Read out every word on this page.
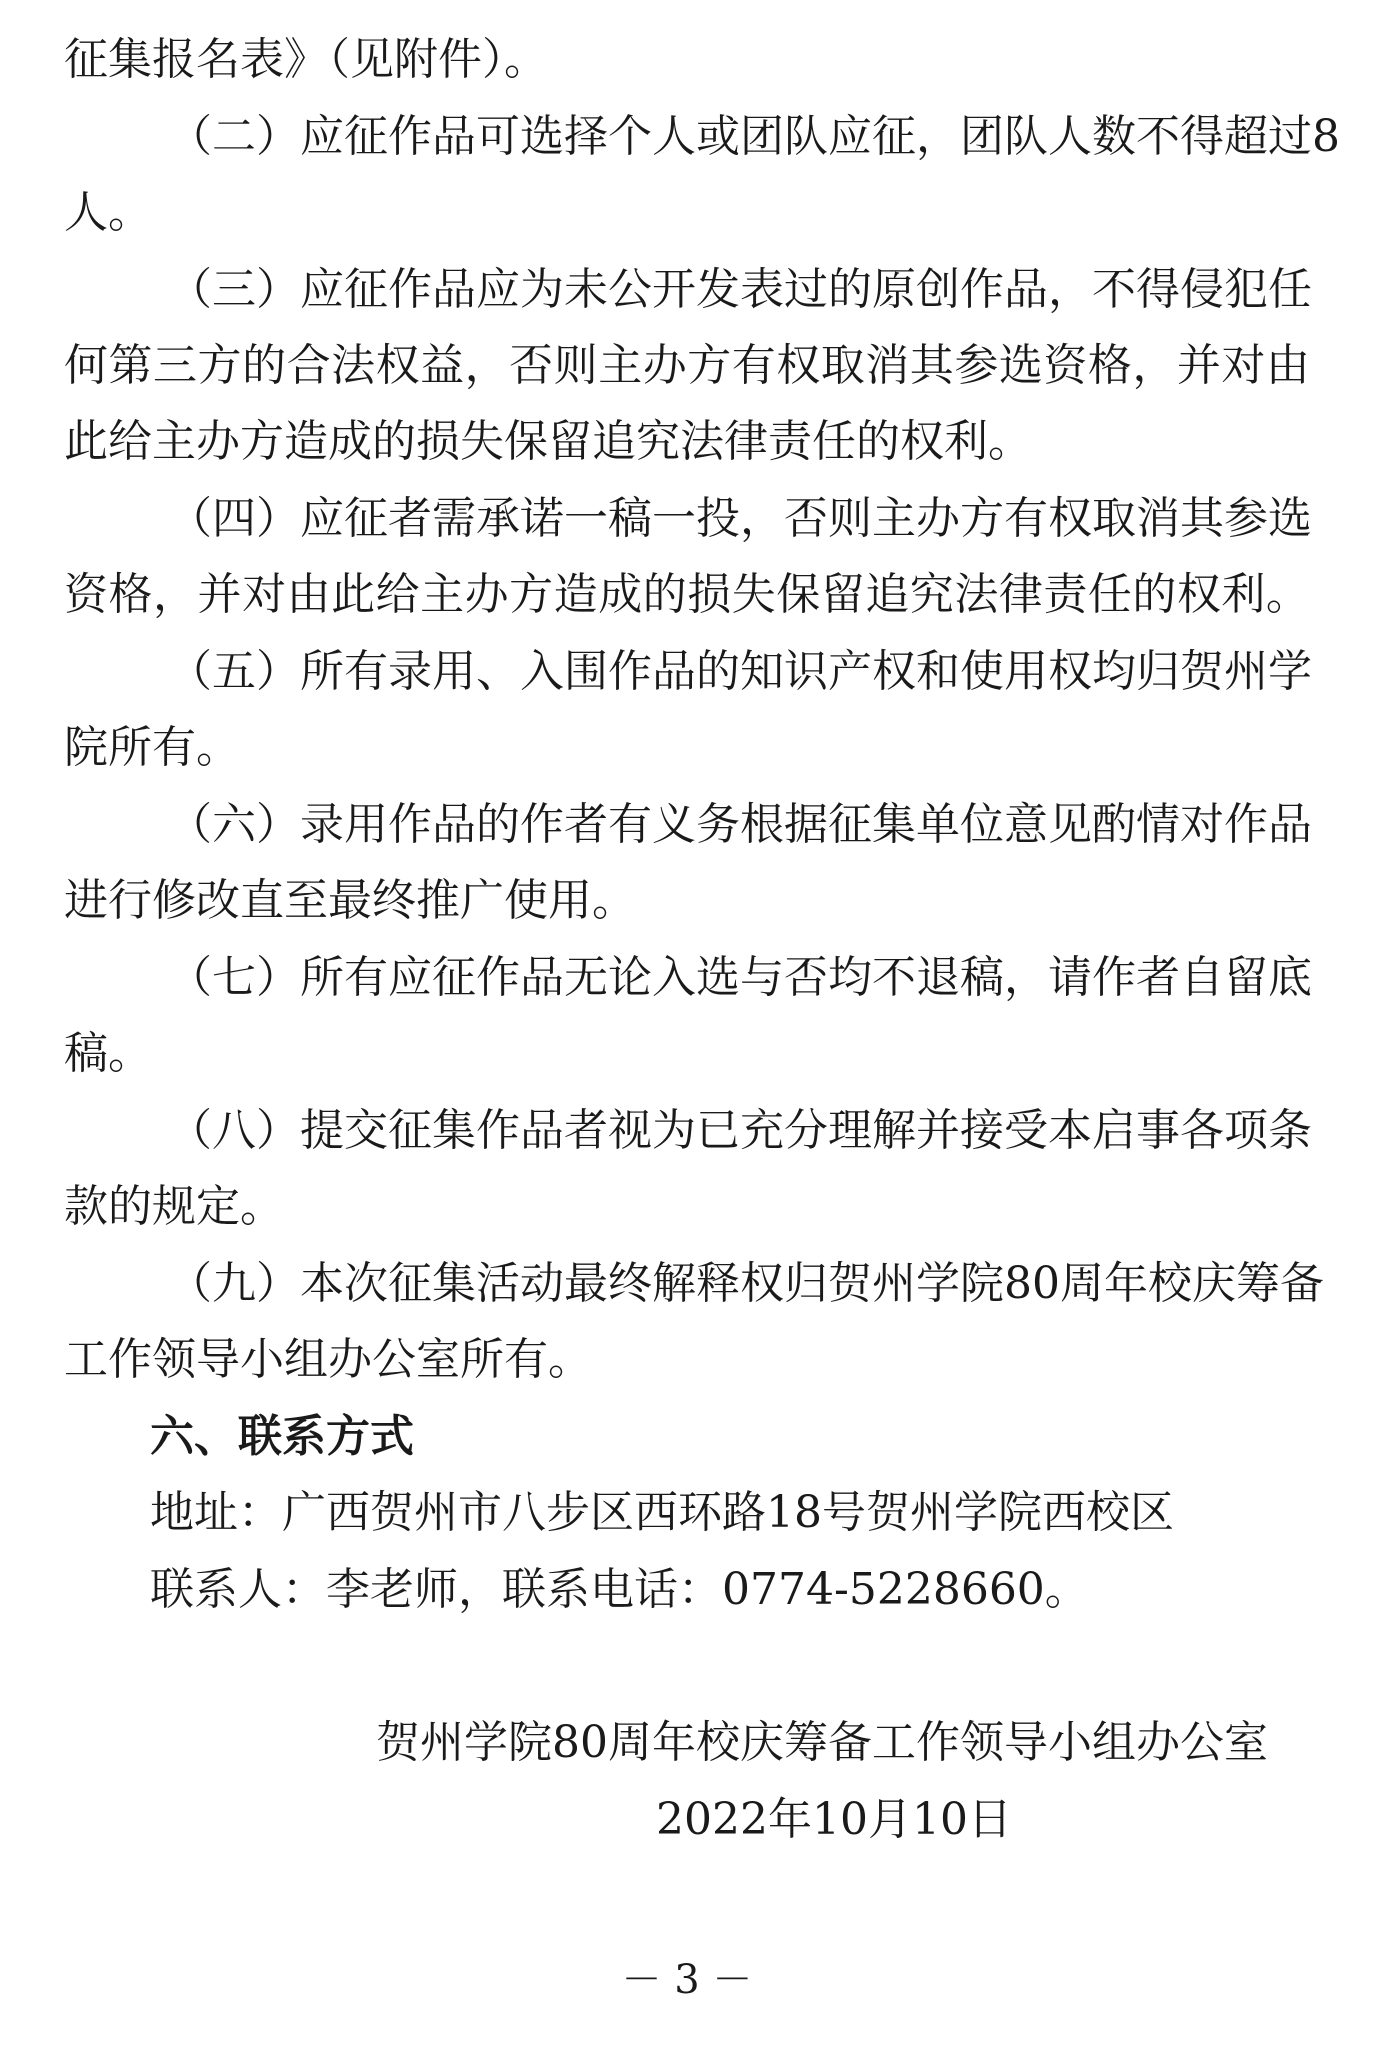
征集报名表》（见附件）。
（ 二 ） 应 征 作 品 可 选 择 个 人 或 团 队 应 征 ， 团 队 人 数 不 得 超 过 8
人。
（ 三 ） 应 征 作 品 应 为 未 公 开 发 表 过 的 原 创 作 品 ， 不 得 侵 犯 任
何 第 三 方 的 合 法 权 益 ， 否 则 主 办 方 有 权 取 消 其 参 选 资 格 ， 并 对 由
此给主办方造成的损失保留追究法律责任的权利。
（ 四 ） 应 征 者 需 承 诺 一 稿 一 投 ， 否 则 主 办 方 有 权 取 消 其 参 选
资 格 ， 并 对 由 此 给 主 办 方 造 成 的 损 失 保 留 追 究 法 律 责 任 的 权 利 。
（ 五 ） 所 有 录 用 、 入 围 作 品 的 知 识 产 权 和 使 用 权 均 归 贺 州 学
院所有。
（ 六 ） 录 用 作 品 的 作 者 有 义 务 根 据 征 集 单 位 意 见 酌 情 对 作 品
进行修改直至最终推广使用。
（ 七 ） 所 有 应 征 作 品 无 论 入 选 与 否 均 不 退 稿 ， 请 作 者 自 留 底
稿。
（ 八 ） 提 交 征 集 作 品 者 视 为 已 充 分 理 解 并 接 受 本 启 事 各 项 条
款的规定。
（ 九 ） 本 次 征 集 活 动 最 终 解 释 权 归 贺 州 学 院 80 周 年 校 庆 筹 备
工作领导小组办公室所有。
六、联系方式
地址：广西贺州市八步区西环路18号贺州学院西校区
联系人：李老师，联系电话：0774-5228660。
贺州学院80周年校庆筹备工作领导小组办公室
2022年10月10日
－ 3 －
